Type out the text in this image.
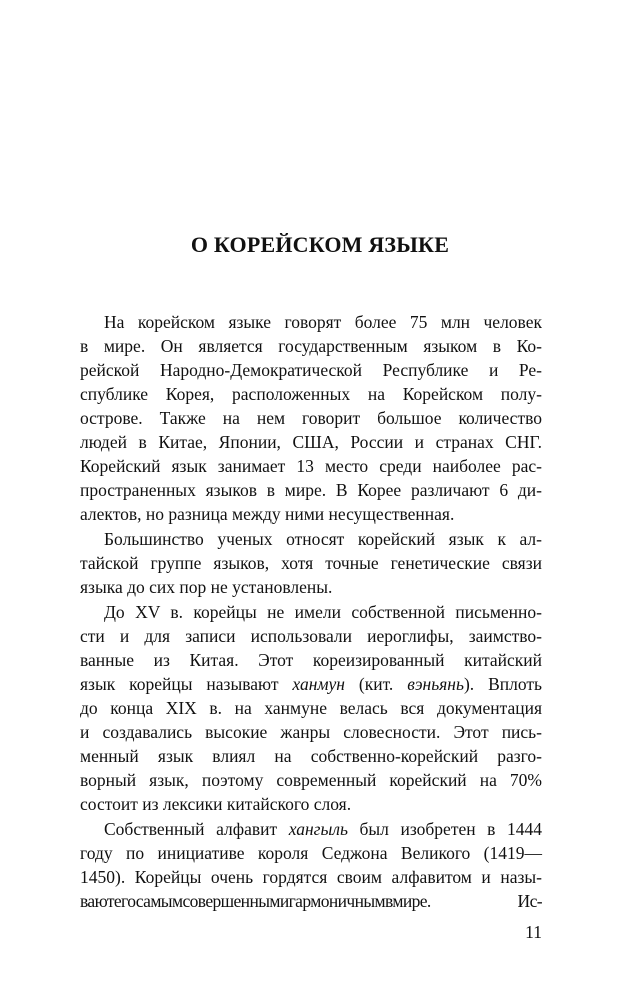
О КОРЕЙСКОМ ЯЗЫКЕ
На корейском языке говорят более 75 млн человек
в мире. Он является государственным языком в Ко-
рейской Народно-Демократической Республике и Ре-
спублике Корея, расположенных на Корейском полу-
острове. Также на нем говорит большое количество
людей в Китае, Японии, США, России и странах СНГ.
Корейский язык занимает 13 место среди наиболее рас-
пространенных языков в мире. В Корее различают 6 ди-
алектов, но разница между ними несущественная.
Большинство ученых относят корейский язык к ал-
тайской группе языков, хотя точные генетические связи
языка до сих пор не установлены.
До XV в. корейцы не имели собственной письменно-
сти и для записи использовали иероглифы, заимство-
ванные из Китая. Этот кореизированный китайский
язык корейцы называют ханмун (кит. вэньянь). Вплоть
до конца XIX в. на ханмуне велась вся документация
и создавались высокие жанры словесности. Этот пись-
менный язык влиял на собственно-корейский разго-
ворный язык, поэтому современный корейский на 70%
состоит из лексики китайского слоя.
Собственный алфавит хангыль был изобретен в 1444
году по инициативе короля Седжона Великого (1419—
1450). Корейцы очень гордятся своим алфавитом и назы-
ваютегосамымсовершеннымигармоничнымвмире. Ис-
11
